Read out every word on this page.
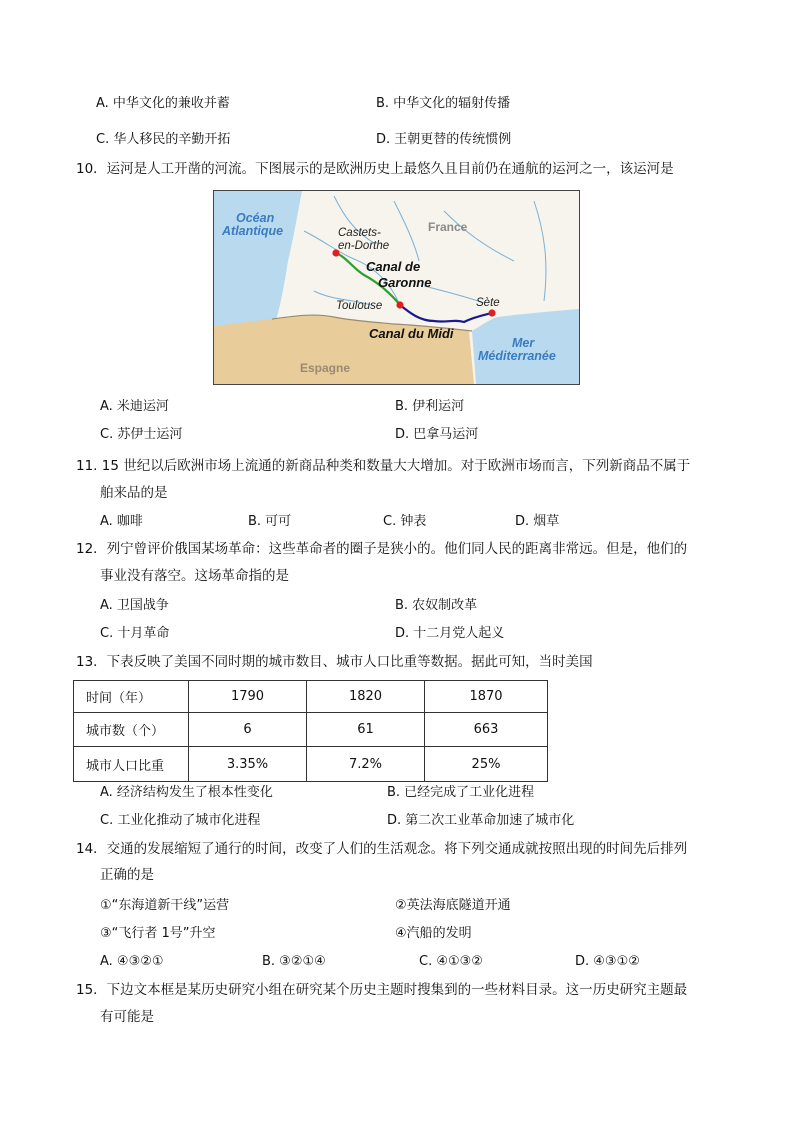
A. 中华文化的兼收并蓄	B. 中华文化的辐射传播
C. 华人移民的辛勤开拓	D. 王朝更替的传统惯例
10．运河是人工开凿的河流。下图展示的是欧洲历史上最悠久且目前仍在通航的运河之一，该运河是
Océan
Atlantique	France
Espagne
Castets-
en-Dorthe
Canal de
Garonne
Toulouse	Sète
Canal du Midi
Mer
Méditerranée
A. 米迪运河	B. 伊利运河
C. 苏伊士运河	D. 巴拿马运河
11. 15 世纪以后欧洲市场上流通的新商品种类和数量大大增加。对于欧洲市场而言，下列新商品不属于
舶来品的是
A. 咖啡	B. 可可	C. 钟表	D. 烟草
12．列宁曾评价俄国某场革命：这些革命者的圈子是狭小的。他们同人民的距离非常远。但是，他们的
事业没有落空。这场革命指的是
A. 卫国战争	B. 农奴制改革
C. 十月革命	D. 十二月党人起义
13．下表反映了美国不同时期的城市数目、城市人口比重等数据。据此可知，当时美国
时间（年）	1790	1820	1870
城市数（个）	6	61	663
城市人口比重	3.35%	7.2%	25%
A. 经济结构发生了根本性变化	B. 已经完成了工业化进程
C. 工业化推动了城市化进程	D. 第二次工业革命加速了城市化
14．交通的发展缩短了通行的时间，改变了人们的生活观念。将下列交通成就按照出现的时间先后排列
正确的是
①“东海道新干线”运营	②英法海底隧道开通
③“飞行者 1号”升空	④汽船的发明
A. ④③②①	B. ③②①④	C. ④①③②	D. ④③①②
15．下边文本框是某历史研究小组在研究某个历史主题时搜集到的一些材料目录。这一历史研究主题最
有可能是
